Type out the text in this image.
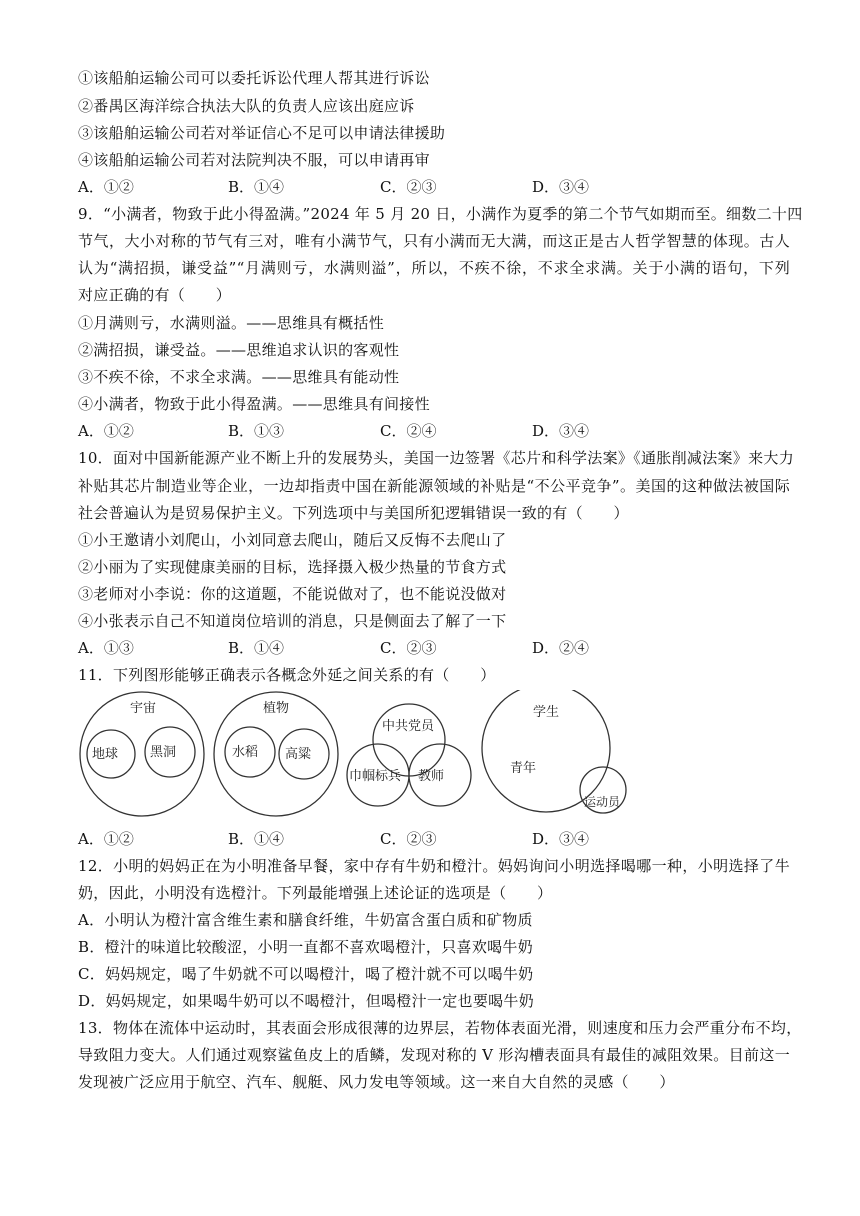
①该船舶运输公司可以委托诉讼代理人帮其进行诉讼
②番禺区海洋综合执法大队的负责人应该出庭应诉
③该船舶运输公司若对举证信心不足可以申请法律援助
④该船舶运输公司若对法院判决不服，可以申请再审
A．①②	B．①④	C．②③	D．③④
9．“小满者，物致于此小得盈满。”2024 年 5 月 20 日，小满作为夏季的第二个节气如期而至。细数二十四
节气，大小对称的节气有三对，唯有小满节气，只有小满而无大满，而这正是古人哲学智慧的体现。古人
认为“满招损，谦受益”“月满则亏，水满则溢”，所以，不疾不徐，不求全求满。关于小满的语句，下列
对应正确的有（　　）
①月满则亏，水满则溢。——思维具有概括性
②满招损，谦受益。——思维追求认识的客观性
③不疾不徐，不求全求满。——思维具有能动性
④小满者，物致于此小得盈满。——思维具有间接性
A．①②	B．①③	C．②④	D．③④
10．面对中国新能源产业不断上升的发展势头，美国一边签署《芯片和科学法案》《通胀削减法案》来大力
补贴其芯片制造业等企业，一边却指责中国在新能源领域的补贴是“不公平竞争”。美国的这种做法被国际
社会普遍认为是贸易保护主义。下列选项中与美国所犯逻辑错误一致的有（　　）
①小王邀请小刘爬山，小刘同意去爬山，随后又反悔不去爬山了
②小丽为了实现健康美丽的目标，选择摄入极少热量的节食方式
③老师对小李说：你的这道题，不能说做对了，也不能说没做对
④小张表示自己不知道岗位培训的消息，只是侧面去了解了一下
A．①③	B．①④	C．②③	D．②④
11．下列图形能够正确表示各概念外延之间关系的有（　　）
宇宙
地球 黑洞
植物
水稻 高粱
中共党员
巾帼标兵 教师
学生
青年
运动员
A．①②	B．①④	C．②③	D．③④
12．小明的妈妈正在为小明准备早餐，家中存有牛奶和橙汁。妈妈询问小明选择喝哪一种，小明选择了牛
奶，因此，小明没有选橙汁。下列最能增强上述论证的选项是（　　）
A．小明认为橙汁富含维生素和膳食纤维，牛奶富含蛋白质和矿物质
B．橙汁的味道比较酸涩，小明一直都不喜欢喝橙汁，只喜欢喝牛奶
C．妈妈规定，喝了牛奶就不可以喝橙汁，喝了橙汁就不可以喝牛奶
D．妈妈规定，如果喝牛奶可以不喝橙汁，但喝橙汁一定也要喝牛奶
13．物体在流体中运动时，其表面会形成很薄的边界层，若物体表面光滑，则速度和压力会严重分布不均，
导致阻力变大。人们通过观察鲨鱼皮上的盾鳞，发现对称的 V 形沟槽表面具有最佳的减阻效果。目前这一
发现被广泛应用于航空、汽车、舰艇、风力发电等领域。这一来自大自然的灵感（　　）
